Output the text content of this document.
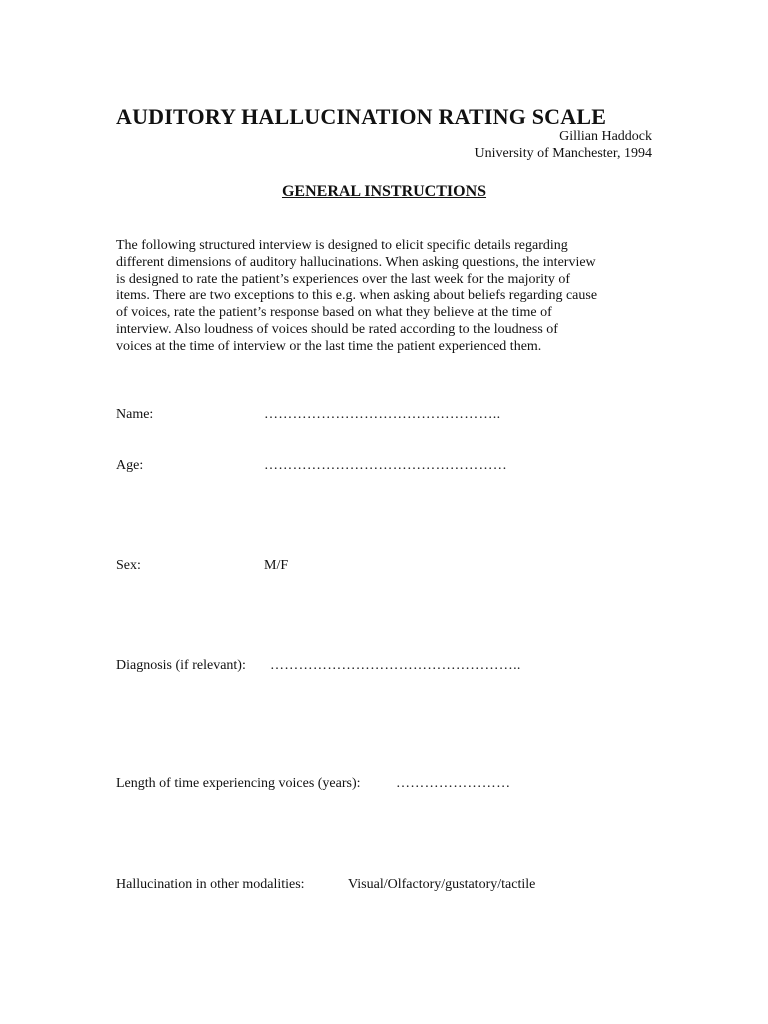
AUDITORY HALLUCINATION RATING SCALE
Gillian Haddock
University of Manchester, 1994
GENERAL INSTRUCTIONS
The following structured interview is designed to elicit specific details regarding
different dimensions of auditory hallucinations. When asking questions, the interview
is designed to rate the patient’s experiences over the last week for the majority of
items. There are two exceptions to this e.g. when asking about beliefs regarding cause
of voices, rate the patient’s response based on what they believe at the time of
interview. Also loudness of voices should be rated according to the loudness of
voices at the time of interview or the last time the patient experienced them.
Name:	…………………………………………..
Age:	……………………………………………
Sex:	M/F
Diagnosis (if relevant): ……………………………………………..
Length of time experiencing voices (years):	……………………
Hallucination in other modalities:	Visual/Olfactory/gustatory/tactile
